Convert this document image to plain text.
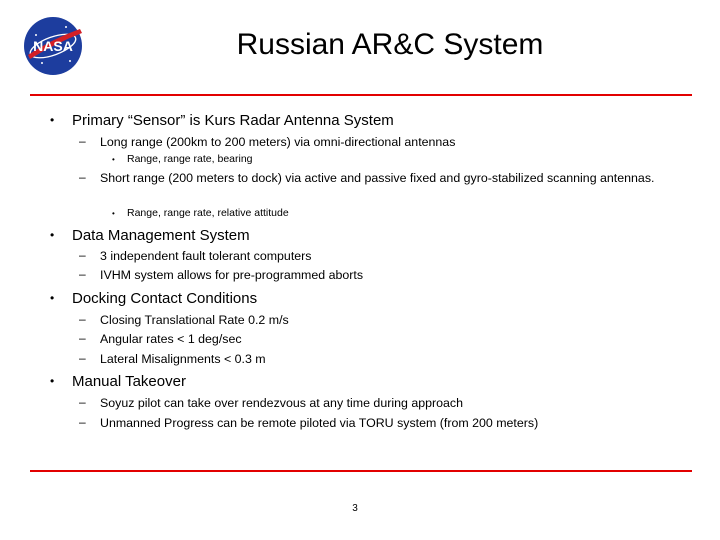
NASA	Russian AR&C System
• Primary “Sensor” is Kurs Radar Antenna System

– Long range (200km to 200 meters) via omni-directional antennas

• Range, range rate, bearing

– Short range (200 meters to dock) via active and passive fixed and gyro-stabilized scanning antennas.

• Range, range rate, relative attitude

• Data Management System

– 3 independent fault tolerant computers

– IVHM system allows for pre-programmed aborts

• Docking Contact Conditions

– Closing Translational Rate 0.2 m/s

– Angular rates < 1 deg/sec

– Lateral Misalignments < 0.3 m

• Manual Takeover

– Soyuz pilot can take over rendezvous at any time during approach

– Unmanned Progress can be remote piloted via TORU system (from 200 meters)

3
